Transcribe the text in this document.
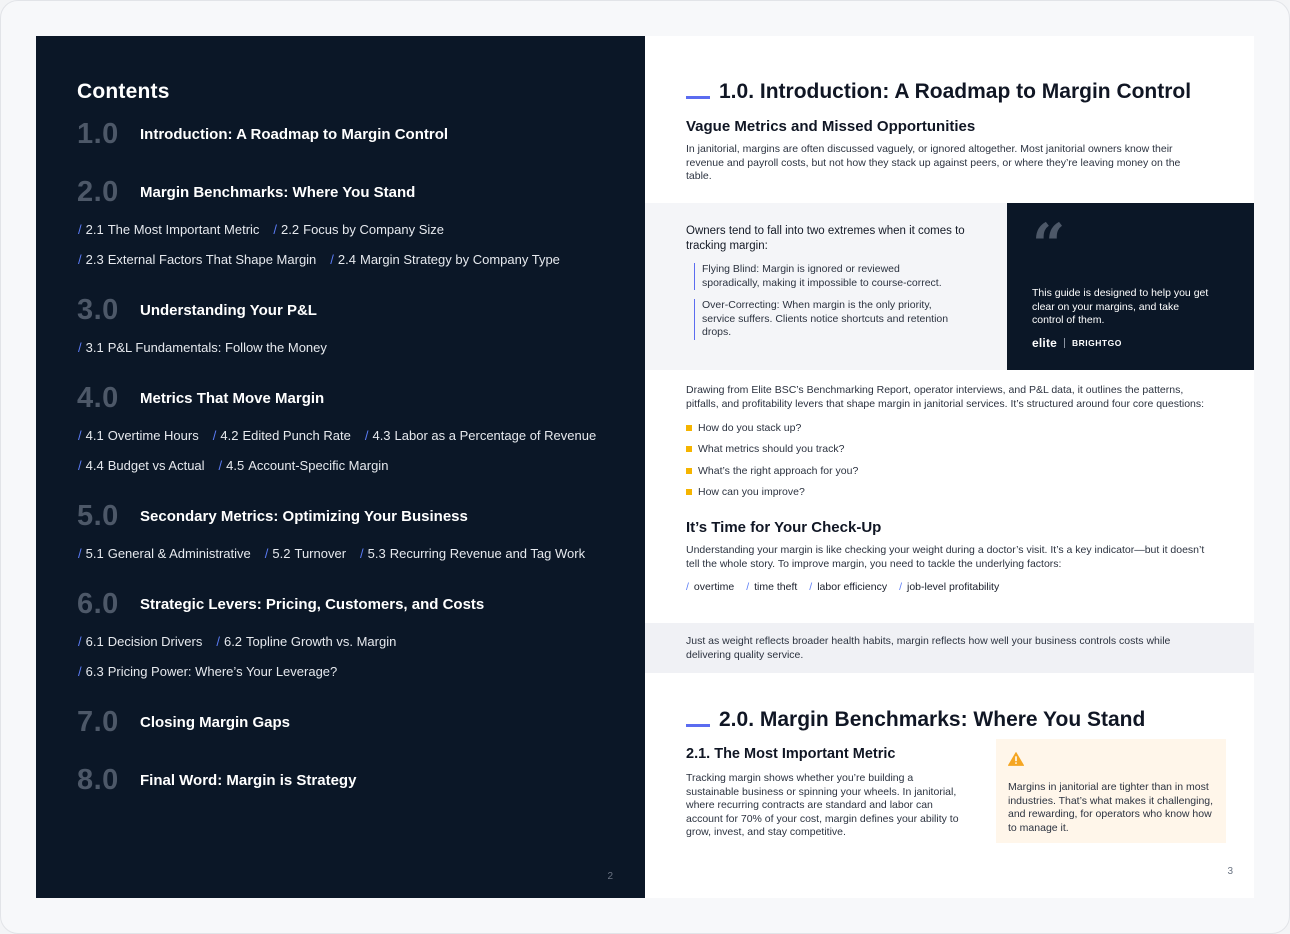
Contents
1.0	Introduction: A Roadmap to Margin Control
2.0	Margin Benchmarks: Where You Stand
/ 2.1 The Most Important Metric / 2.2 Focus by Company Size
/ 2.3 External Factors That Shape Margin / 2.4 Margin Strategy by Company Type
3.0	Understanding Your P&L
/ 3.1 P&L Fundamentals: Follow the Money
4.0	Metrics That Move Margin
/ 4.1 Overtime Hours / 4.2 Edited Punch Rate / 4.3 Labor as a Percentage of Revenue
/ 4.4 Budget vs Actual / 4.5 Account-Specific Margin
5.0	Secondary Metrics: Optimizing Your Business
/ 5.1 General & Administrative / 5.2 Turnover / 5.3 Recurring Revenue and Tag Work
6.0	Strategic Levers: Pricing, Customers, and Costs
/ 6.1 Decision Drivers / 6.2 Topline Growth vs. Margin
/ 6.3 Pricing Power: Where’s Your Leverage?
7.0	Closing Margin Gaps
8.0	Final Word: Margin is Strategy
2
1.0. Introduction: A Roadmap to Margin Control
Vague Metrics and Missed Opportunities
In janitorial, margins are often discussed vaguely, or ignored altogether. Most janitorial owners know their revenue and payroll costs, but not how they stack up against peers, or where they’re leaving money on the table.
Owners tend to fall into two extremes when it comes to tracking margin:
Flying Blind: Margin is ignored or reviewed sporadically, making it impossible to course-correct.
Over-Correcting: When margin is the only priority, service suffers. Clients notice shortcuts and retention drops.
“
This guide is designed to help you get clear on your margins, and take control of them.
elite BRIGHTGO
Drawing from Elite BSC’s Benchmarking Report, operator interviews, and P&L data, it outlines the patterns, pitfalls, and profitability levers that shape margin in janitorial services. It’s structured around four core questions:
How do you stack up?
What metrics should you track?
What’s the right approach for you?
How can you improve?
It’s Time for Your Check-Up
Understanding your margin is like checking your weight during a doctor’s visit. It’s a key indicator—but it doesn’t tell the whole story. To improve margin, you need to tackle the underlying factors:
/ overtime / time theft / labor efficiency / job-level profitability
Just as weight reflects broader health habits, margin reflects how well your business controls costs while delivering quality service.
2.0. Margin Benchmarks: Where You Stand
2.1. The Most Important Metric
Tracking margin shows whether you’re building a sustainable business or spinning your wheels. In janitorial, where recurring contracts are standard and labor can account for 70% of your cost, margin defines your ability to grow, invest, and stay competitive.
Margins in janitorial are tighter than in most industries. That’s what makes it challenging, and rewarding, for operators who know how to manage it.
3
